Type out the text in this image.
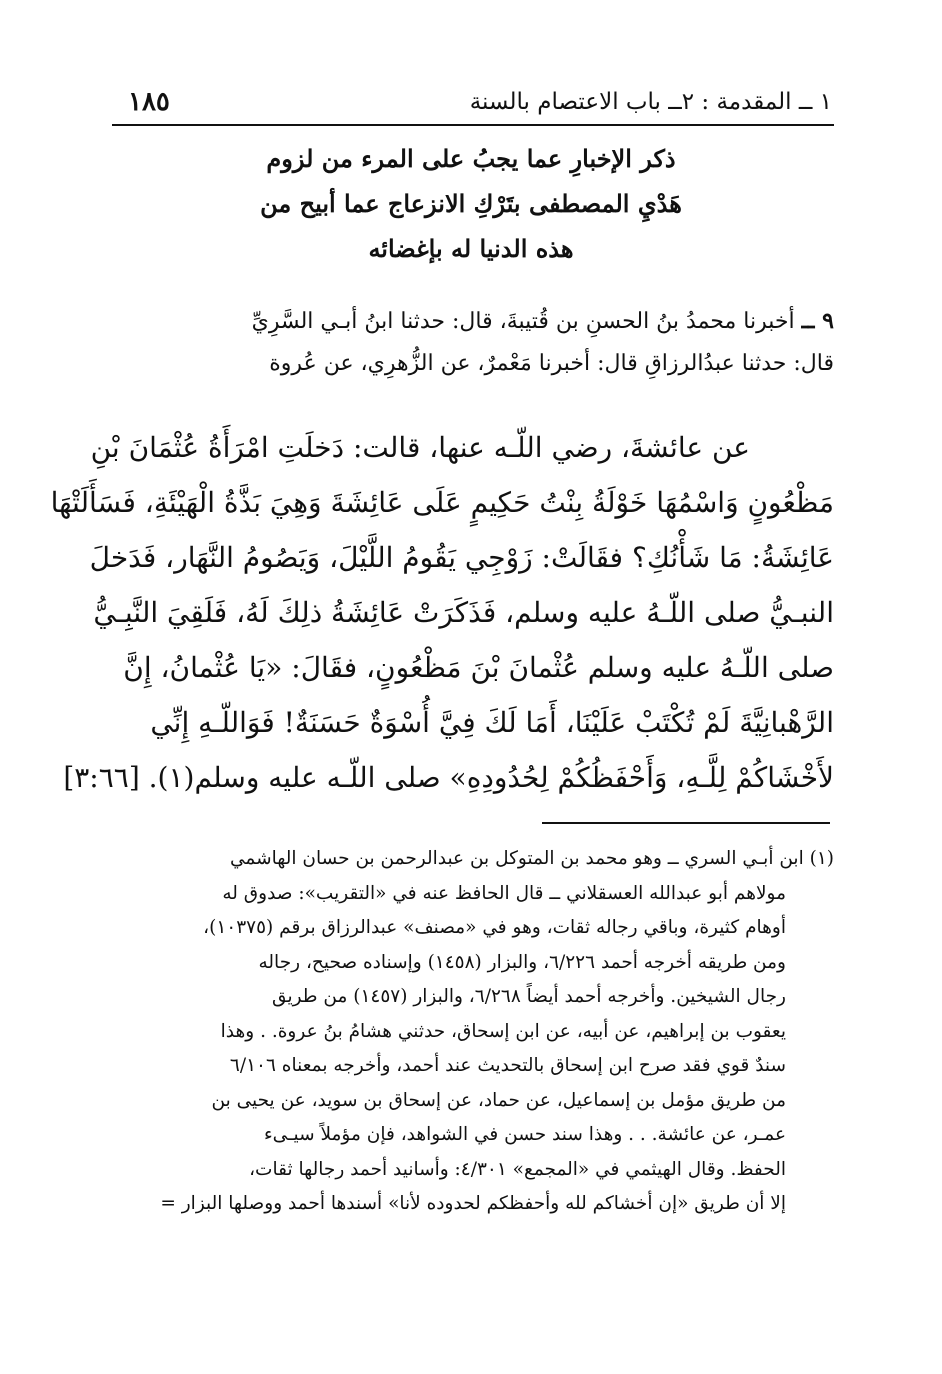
١ ــ المقدمة : ٢ــ باب الاعتصام بالسنة
١٨٥
ذكر الإخبارِ عما يجبُ على المرء من لزوم
هَدْيِ المصطفى بتَرْكِ الانزعاج عما أبيح من
هذه الدنيا له بإغضائه
٩ ــ أخبرنا محمدُ بنُ الحسنِ بن قُتيبةَ، قال: حدثنا ابنُ أبـي السَّرِيِّ
قال: حدثنا عبدُالرزاقِ قال: أخبرنا مَعْمرٌ، عن الزُّهرِي، عن عُروة
عن عائشةَ، رضي اللّـه عنها، قالت: دَخلَتِ امْرَأَةُ عُثْمَانَ بْنِ
مَظْعُونٍ وَاسْمُهَا خَوْلَةُ بِنْتُ حَكِيمٍ عَلَى عَائِشَةَ وَهِيَ بَذَّةُ الْهَيْئَةِ، فَسَأَلَتْهَا
عَائِشَةُ: مَا شَأْنُكِ؟ فقَالَتْ: زَوْجِي يَقُومُ اللَّيْلَ، وَيَصُومُ النَّهَار، فَدَخلَ
النبـيُّ صلى اللّـهُ عليه وسلم، فَذَكَرَتْ عَائِشَةُ ذلِكَ لَهُ، فَلَقِيَ النَّبِـيُّ
صلى اللّـهُ عليه وسلم عُثْمانَ بْنَ مَظْعُونٍ، فقَالَ: «يَا عُثْمانُ، إِنَّ
الرَّهْبانِيَّةَ لَمْ تُكْتَبْ عَلَيْنَا، أَمَا لَكَ فِيَّ أُسْوَةٌ حَسَنَةٌ! فَوَاللّـهِ إِنِّي
لأَخْشَاكُمْ لِلَّـهِ، وَأَحْفَظُكُمْ لِحُدُودِهِ» صلى اللّـه عليه وسلم(١). [٣:٦٦]
(١) ابن أبـي السري ــ وهو محمد بن المتوكل بن عبدالرحمن بن حسان الهاشمي
مولاهم أبو عبدالله العسقلاني ــ قال الحافظ عنه في «التقريب»: صدوق له
أوهام كثيرة، وباقي رجاله ثقات، وهو في «مصنف» عبدالرزاق برقم (١٠٣٧٥)،
ومن طريقه أخرجه أحمد ٦/٢٢٦، والبزار (١٤٥٨) وإسناده صحيح، رجاله
رجال الشيخين. وأخرجه أحمد أيضاً ٦/٢٦٨، والبزار (١٤٥٧) من طريق
يعقوب بن إبراهيم، عن أبيه، عن ابن إسحاق، حدثني هشامُ بنُ عروة. . وهذا
سندٌ قوي فقد صرح ابن إسحاق بالتحديث عند أحمد، وأخرجه بمعناه ٦/١٠٦
من طريق مؤمل بن إسماعيل، عن حماد، عن إسحاق بن سويد، عن يحيى بن
عمـر، عن عائشة. . . وهذا سند حسن في الشواهد، فإن مؤملاً سيـىء
الحفظ. وقال الهيثمي في «المجمع» ٤/٣٠١: وأسانيد أحمد رجالها ثقات،
إلا أن طريق «إن أخشاكم لله وأحفظكم لحدوده لأنا» أسندها أحمد ووصلها البزار =
